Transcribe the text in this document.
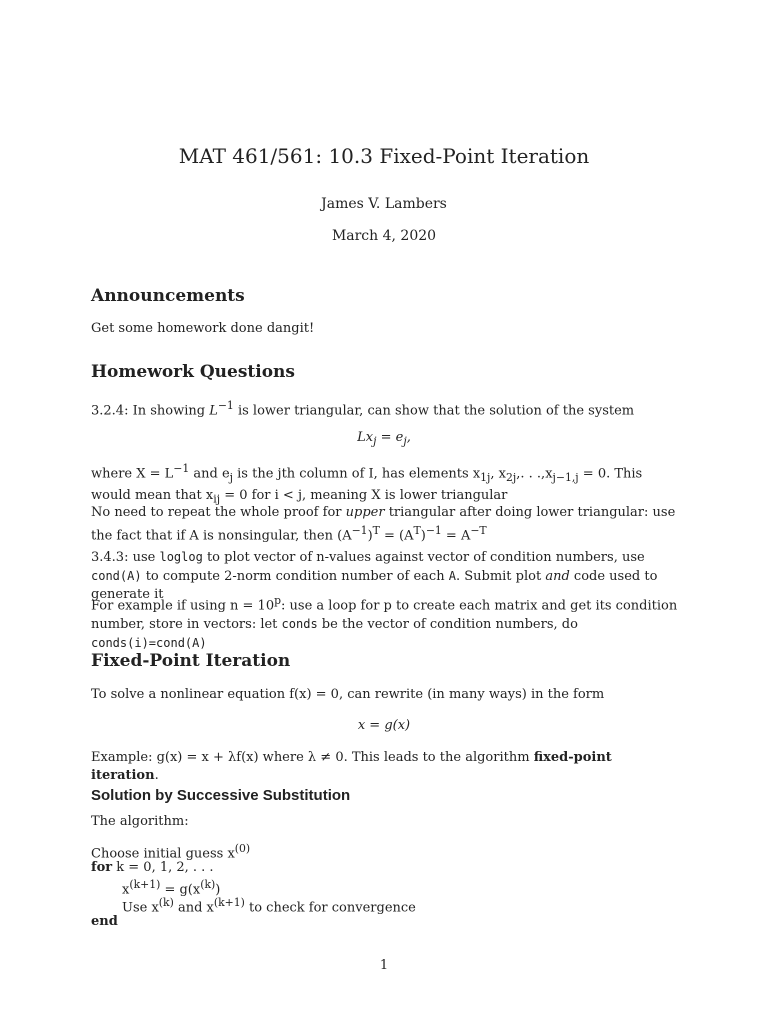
MAT 461/561: 10.3 Fixed-Point Iteration
James V. Lambers
March 4, 2020
Announcements
Get some homework done dangit!
Homework Questions
3.2.4: In showing $L^{-1}$ is lower triangular, can show that the solution of the system
$Lx_j = e_j$,
where $X = L^{-1}$ and $e_j$ is the jth column of I, has elements $x_{1j}$, $x_{2j}$,. . $.,x_{j-1,j} = 0$. This would mean that $x_{ij} = 0$ for i < j, meaning X is lower triangular
No need to repeat the whole proof for upper triangular after doing lower triangular: use the fact that if A is nonsingular, then $(A^{-1})^T = (A^T)^{-1} = A^{-T}$
3.4.3: use loglog to plot vector of n-values against vector of condition numbers, use cond(A) to compute 2-norm condition number of each A. Submit plot and code used to generate it
For example if using $n = 10^p$: use a loop for p to create each matrix and get its condition number, store in vectors: let conds be the vector of condition numbers, do conds(i)=cond(A)
Fixed-Point Iteration
To solve a nonlinear equation f(x) = 0, can rewrite (in many ways) in the form
x = g(x)
Example: g(x) = x + λf(x) where λ ≠ 0. This leads to the algorithm fixed-point iteration.
Solution by Successive Substitution
The algorithm:
Choose initial guess $x^{(0)}$
for k = 0, 1, 2, . . .
$x^{(k+1)} = g(x^{(k)})$
Use $x^{(k)}$ and $x^{(k+1)}$ to check for convergence
end
1
